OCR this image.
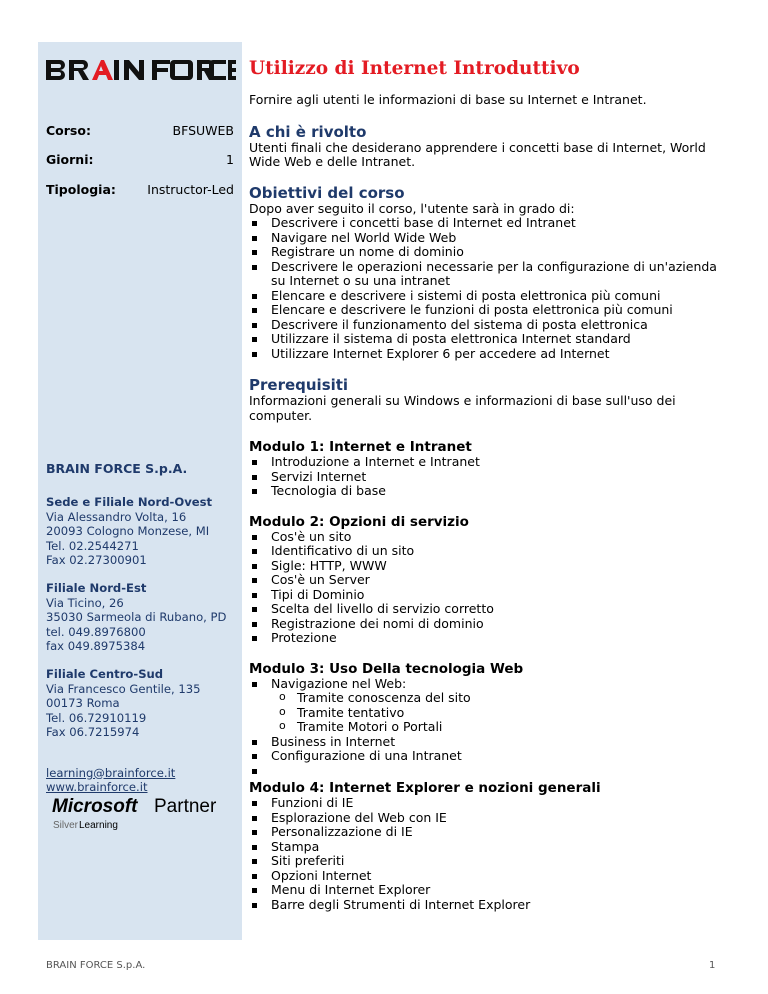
Corso:	BFSUWEB
Giorni:	1
Tipologia:	Instructor-Led
BRAIN FORCE S.p.A.
Sede e Filiale Nord-Ovest
Via Alessandro Volta, 16
20093 Cologno Monzese, MI
Tel. 02.2544271
Fax 02.27300901
Filiale Nord-Est
Via Ticino, 26
35030 Sarmeola di Rubano, PD
tel. 049.8976800
fax 049.8975384
Filiale Centro-Sud
Via Francesco Gentile, 135
00173 Roma
Tel. 06.72910119
Fax 06.7215974
learning@brainforce.it
www.brainforce.it
Microsoft Partner
Silver Learning
Utilizzo di Internet Introduttivo

Fornire agli utenti le informazioni di base su Internet e Intranet.

A chi è rivolto

Utenti finali che desiderano apprendere i concetti base di Internet, World Wide Web e delle Intranet.

Obiettivi del corso

Dopo aver seguito il corso, l'utente sarà in grado di:

Descrivere i concetti base di Internet ed Intranet
Navigare nel World Wide Web
Registrare un nome di dominio
Descrivere le operazioni necessarie per la configurazione di un'azienda su Internet o su una intranet
Elencare e descrivere i sistemi di posta elettronica più comuni
Elencare e descrivere le funzioni di posta elettronica più comuni
Descrivere il funzionamento del sistema di posta elettronica
Utilizzare il sistema di posta elettronica Internet standard
Utilizzare Internet Explorer 6 per accedere ad Internet
Prerequisiti

Informazioni generali su Windows e informazioni di base sull'uso dei computer.

Modulo 1: Internet e Intranet
Introduzione a Internet e Intranet
Servizi Internet
Tecnologia di base
Modulo 2: Opzioni di servizio
Cos'è un sito
Identificativo di un sito
Sigle: HTTP, WWW
Cos'è un Server
Tipi di Dominio
Scelta del livello di servizio corretto
Registrazione dei nomi di dominio
Protezione
Modulo 3: Uso Della tecnologia Web
Navigazione nel Web:
o Tramite conoscenza del sito
o Tramite tentativo
o Tramite Motori o Portali
Business in Internet
Configurazione di una Intranet
Modulo 4: Internet Explorer e nozioni generali
Funzioni di IE
Esplorazione del Web con IE
Personalizzazione di IE
Stampa
Siti preferiti
Opzioni Internet
Menu di Internet Explorer
Barre degli Strumenti di Internet Explorer
BRAIN FORCE S.p.A.	1
